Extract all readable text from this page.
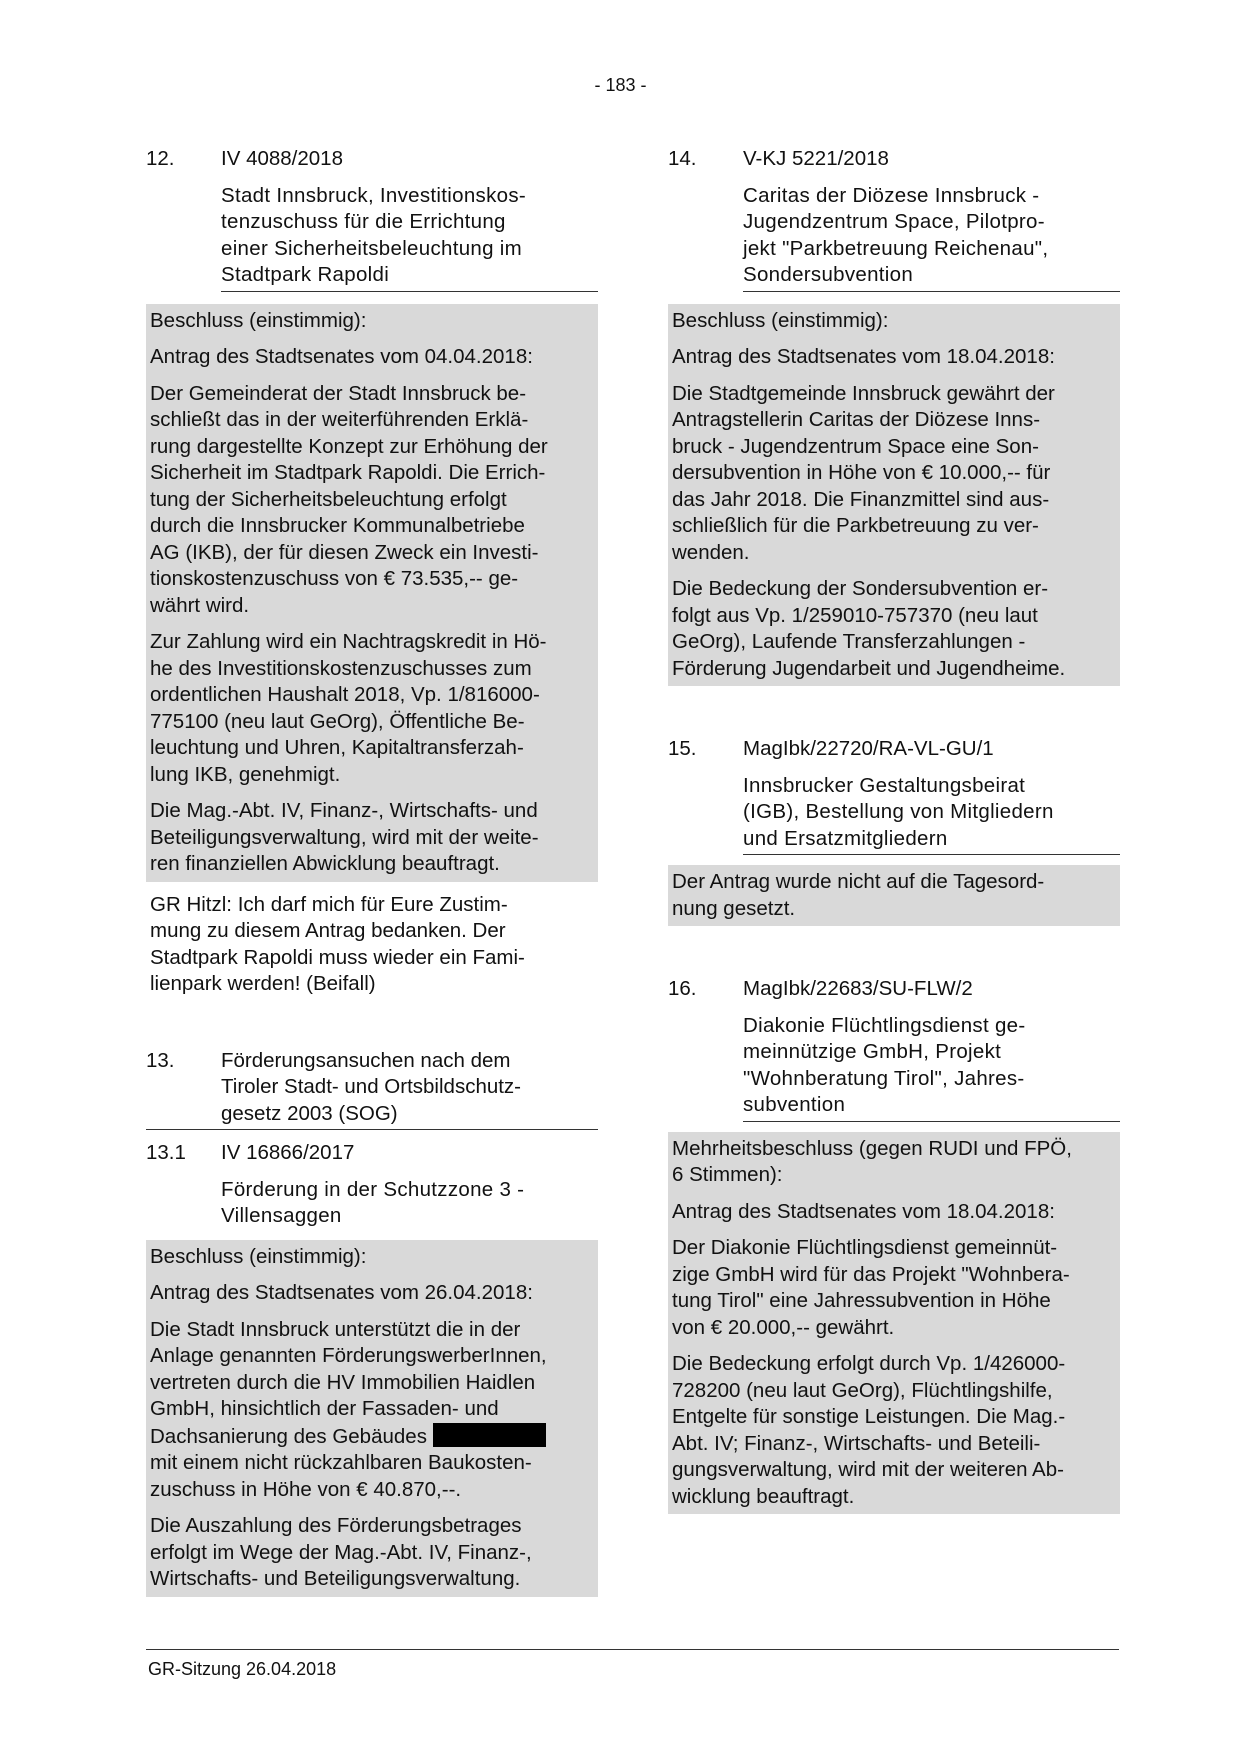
- 183 -
12.	IV 4088/2018
Stadt Innsbruck, Investitionskos-
tenzuschuss für die Errichtung
einer Sicherheitsbeleuchtung im
Stadtpark Rapoldi

Beschluss (einstimmig):

Antrag des Stadtsenates vom 04.04.2018:

Der Gemeinderat der Stadt Innsbruck be-
schließt das in der weiterführenden Erklä-
rung dargestellte Konzept zur Erhöhung der
Sicherheit im Stadtpark Rapoldi. Die Errich-
tung der Sicherheitsbeleuchtung erfolgt
durch die Innsbrucker Kommunalbetriebe
AG (IKB), der für diesen Zweck ein Investi-
tionskostenzuschuss von € 73.535,-- ge-
währt wird.

Zur Zahlung wird ein Nachtragskredit in Hö-
he des Investitionskostenzuschusses zum
ordentlichen Haushalt 2018, Vp. 1/816000-
775100 (neu laut GeOrg), Öffentliche Be-
leuchtung und Uhren, Kapitaltransferzah-
lung IKB, genehmigt.

Die Mag.-Abt. IV, Finanz-, Wirtschafts- und
Beteiligungsverwaltung, wird mit der weite-
ren finanziellen Abwicklung beauftragt.

GR Hitzl: Ich darf mich für Eure Zustim-
mung zu diesem Antrag bedanken. Der
Stadtpark Rapoldi muss wieder ein Fami-
lienpark werden! (Beifall)

13.	Förderungsansuchen nach dem
Tiroler Stadt- und Ortsbildschutz-
gesetz 2003 (SOG)
13.1	IV 16866/2017
Förderung in der Schutzzone 3 -
Villensaggen

Beschluss (einstimmig):

Antrag des Stadtsenates vom 26.04.2018:

Die Stadt Innsbruck unterstützt die in der
Anlage genannten FörderungswerberInnen,
vertreten durch die HV Immobilien Haidlen
GmbH, hinsichtlich der Fassaden- und
Dachsanierung des Gebäudes
mit einem nicht rückzahlbaren Baukosten-
zuschuss in Höhe von € 40.870,--.

Die Auszahlung des Förderungsbetrages
erfolgt im Wege der Mag.-Abt. IV, Finanz-,
Wirtschafts- und Beteiligungsverwaltung.

14.	V-KJ 5221/2018
Caritas der Diözese Innsbruck -
Jugendzentrum Space, Pilotpro-
jekt "Parkbetreuung Reichenau",
Sondersubvention

Beschluss (einstimmig):

Antrag des Stadtsenates vom 18.04.2018:

Die Stadtgemeinde Innsbruck gewährt der
Antragstellerin Caritas der Diözese Inns-
bruck - Jugendzentrum Space eine Son-
dersubvention in Höhe von € 10.000,-- für
das Jahr 2018. Die Finanzmittel sind aus-
schließlich für die Parkbetreuung zu ver-
wenden.

Die Bedeckung der Sondersubvention er-
folgt aus Vp. 1/259010-757370 (neu laut
GeOrg), Laufende Transferzahlungen -
Förderung Jugendarbeit und Jugendheime.

15.	MagIbk/22720/RA-VL-GU/1
Innsbrucker Gestaltungsbeirat
(IGB), Bestellung von Mitgliedern
und Ersatzmitgliedern

Der Antrag wurde nicht auf die Tagesord-
nung gesetzt.

16.	MagIbk/22683/SU-FLW/2
Diakonie Flüchtlingsdienst ge-
meinnützige GmbH, Projekt
"Wohnberatung Tirol", Jahres-
subvention

Mehrheitsbeschluss (gegen RUDI und FPÖ,
6 Stimmen):

Antrag des Stadtsenates vom 18.04.2018:

Der Diakonie Flüchtlingsdienst gemeinnüt-
zige GmbH wird für das Projekt "Wohnbera-
tung Tirol" eine Jahressubvention in Höhe
von € 20.000,-- gewährt.

Die Bedeckung erfolgt durch Vp. 1/426000-
728200 (neu laut GeOrg), Flüchtlingshilfe,
Entgelte für sonstige Leistungen. Die Mag.-
Abt. IV; Finanz-, Wirtschafts- und Beteili-
gungsverwaltung, wird mit der weiteren Ab-
wicklung beauftragt.

GR-Sitzung 26.04.2018
